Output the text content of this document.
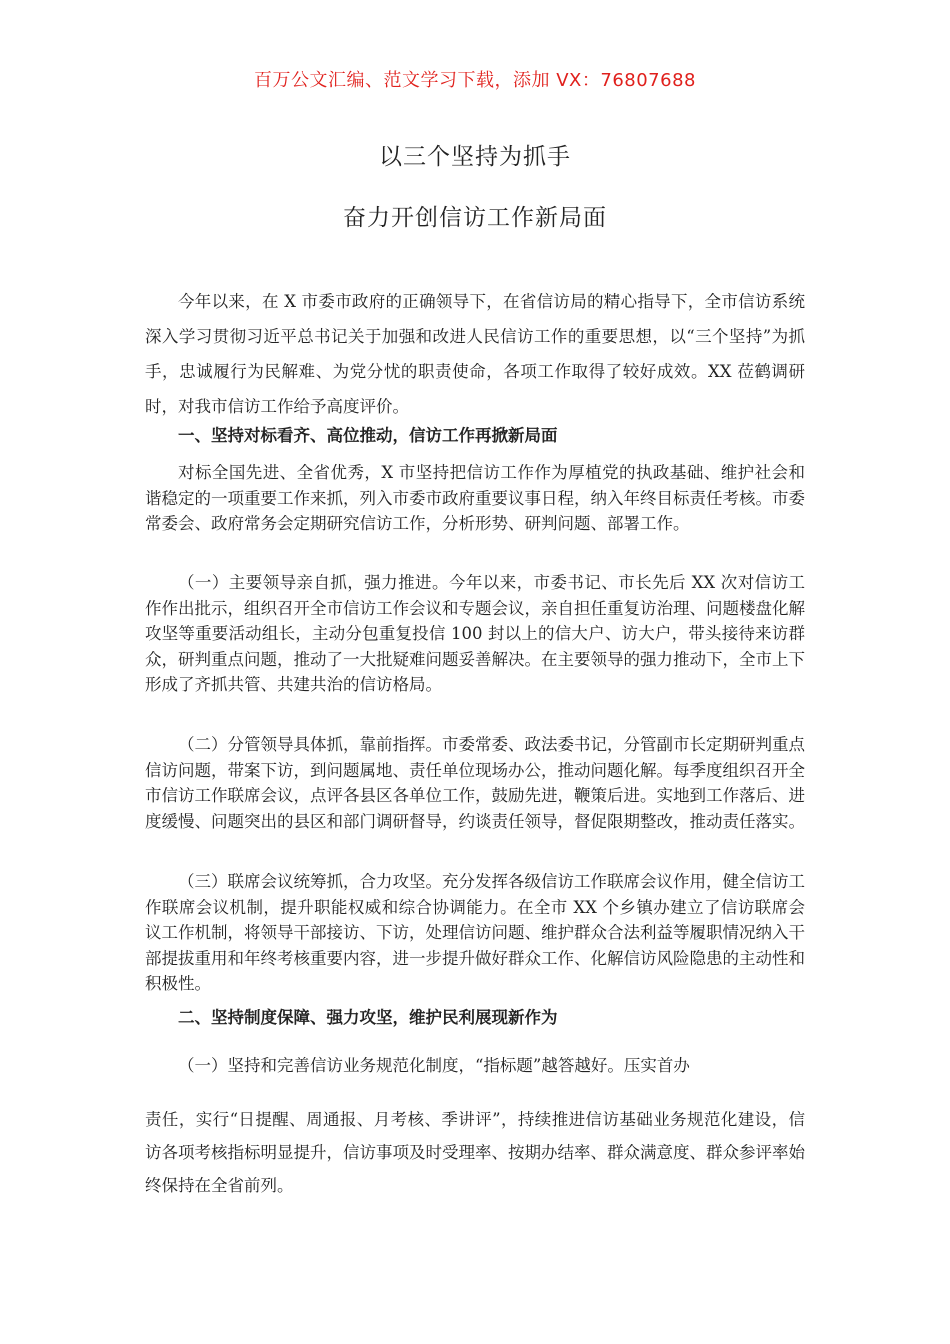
百万公文汇编、范文学习下载，添加 VX：76807688
以三个坚持为抓手
奋力开创信访工作新局面

今年以来，在 X 市委市政府的正确领导下，在省信访局的精心指导下，全市信访系统深入学习贯彻习近平总书记关于加强和改进人民信访工作的重要思想，以“三个坚持”为抓手，忠诚履行为民解难、为党分忧的职责使命，各项工作取得了较好成效。XX 莅鹤调研时，对我市信访工作给予高度评价。

一、坚持对标看齐、高位推动，信访工作再掀新局面

对标全国先进、全省优秀，X 市坚持把信访工作作为厚植党的执政基础、维护社会和谐稳定的一项重要工作来抓，列入市委市政府重要议事日程，纳入年终目标责任考核。市委常委会、政府常务会定期研究信访工作，分析形势、研判问题、部署工作。

（一）主要领导亲自抓，强力推进。今年以来，市委书记、市长先后 XX 次对信访工作作出批示，组织召开全市信访工作会议和专题会议，亲自担任重复访治理、问题楼盘化解攻坚等重要活动组长，主动分包重复投信 100 封以上的信大户、访大户，带头接待来访群众，研判重点问题，推动了一大批疑难问题妥善解决。在主要领导的强力推动下，全市上下形成了齐抓共管、共建共治的信访格局。

（二）分管领导具体抓，靠前指挥。市委常委、政法委书记，分管副市长定期研判重点信访问题，带案下访，到问题属地、责任单位现场办公，推动问题化解。每季度组织召开全市信访工作联席会议，点评各县区各单位工作，鼓励先进，鞭策后进。实地到工作落后、进度缓慢、问题突出的县区和部门调研督导，约谈责任领导，督促限期整改，推动责任落实。

（三）联席会议统筹抓，合力攻坚。充分发挥各级信访工作联席会议作用，健全信访工作联席会议机制，提升职能权威和综合协调能力。在全市 XX 个乡镇办建立了信访联席会议工作机制，将领导干部接访、下访，处理信访问题、维护群众合法利益等履职情况纳入干部提拔重用和年终考核重要内容，进一步提升做好群众工作、化解信访风险隐患的主动性和积极性。

二、坚持制度保障、强力攻坚，维护民利展现新作为

（一）坚持和完善信访业务规范化制度，“指标题”越答越好。压实首办

责任，实行“日提醒、周通报、月考核、季讲评”，持续推进信访基础业务规范化建设，信访各项考核指标明显提升，信访事项及时受理率、按期办结率、群众满意度、群众参评率始终保持在全省前列。
